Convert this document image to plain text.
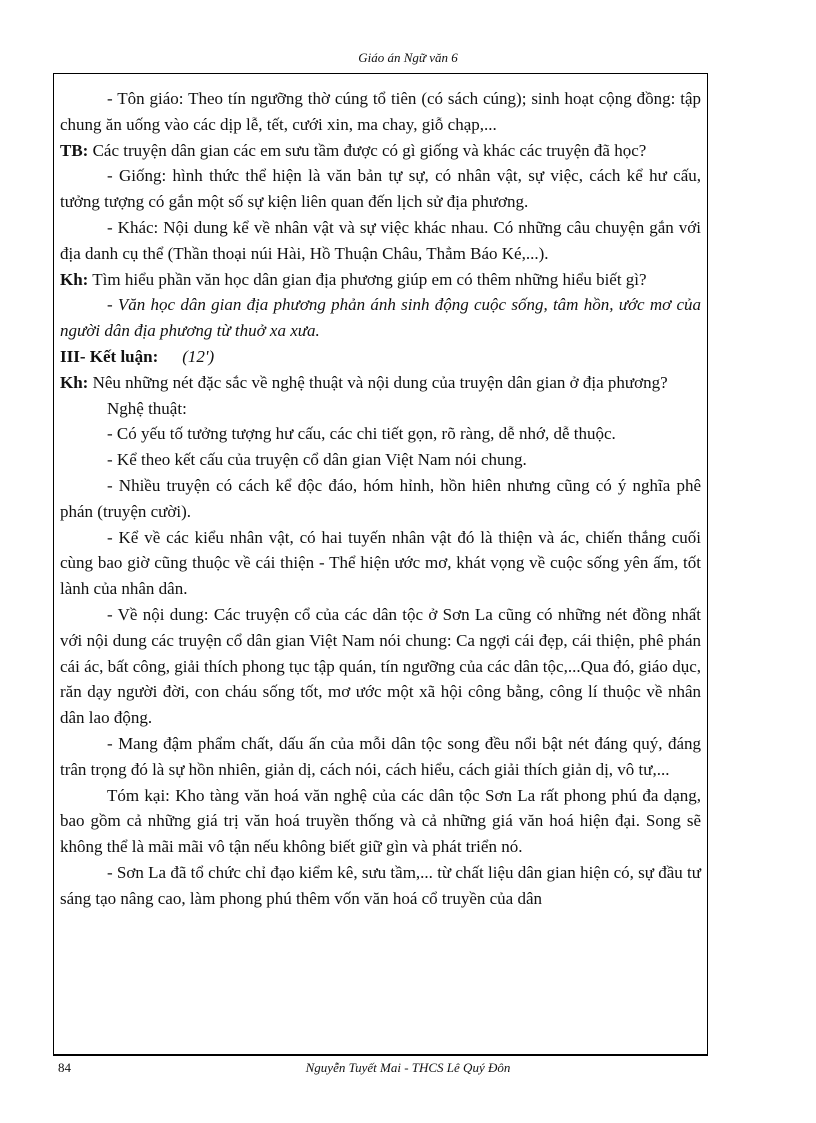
Giáo án Ngữ văn 6

- Tôn giáo: Theo tín ngưỡng thờ cúng tổ tiên (có sách cúng); sinh hoạt cộng đồng: tập chung ăn uống vào các dịp lễ, tết, cưới xin, ma chay, giỗ chạp,...

TB: Các truyện dân gian các em sưu tầm được có gì giống và khác các truyện đã học?

- Giống: hình thức thể hiện là văn bản tự sự, có nhân vật, sự việc, cách kể hư cấu, tưởng tượng có gắn một số sự kiện liên quan đến lịch sử địa phương.

- Khác: Nội dung kể về nhân vật và sự việc khác nhau. Có những câu chuyện gắn với địa danh cụ thể (Thần thoại núi Hài, Hồ Thuận Châu, Thẳm Báo Ké,...).

Kh: Tìm hiểu phần văn học dân gian địa phương giúp em có thêm những hiểu biết gì?

- Văn học dân gian địa phương phản ánh sinh động cuộc sống, tâm hồn, ước mơ của người dân địa phương từ thuở xa xưa.

III- Kết luận: (12')

Kh: Nêu những nét đặc sắc về nghệ thuật và nội dung của truyện dân gian ở địa phương?

Nghệ thuật:

- Có yếu tố tưởng tượng hư cấu, các chi tiết gọn, rõ ràng, dễ nhớ, dễ thuộc.

- Kể theo kết cấu của truyện cổ dân gian Việt Nam nói chung.

- Nhiều truyện có cách kể độc đáo, hóm hỉnh, hồn hiên nhưng cũng có ý nghĩa phê phán (truyện cười).

- Kể về các kiểu nhân vật, có hai tuyến nhân vật đó là thiện và ác, chiến thắng cuối cùng bao giờ cũng thuộc về cái thiện - Thể hiện ước mơ, khát vọng về cuộc sống yên ấm, tốt lành của nhân dân.

- Về nội dung: Các truyện cổ của các dân tộc ở Sơn La cũng có những nét đồng nhất với nội dung các truyện cổ dân gian Việt Nam nói chung: Ca ngợi cái đẹp, cái thiện, phê phán cái ác, bất công, giải thích phong tục tập quán, tín ngưỡng của các dân tộc,...Qua đó, giáo dục, răn dạy người đời, con cháu sống tốt, mơ ước một xã hội công bằng, công lí thuộc về nhân dân lao động.

- Mang đậm phẩm chất, dấu ấn của mỗi dân tộc song đều nổi bật nét đáng quý, đáng trân trọng đó là sự hồn nhiên, giản dị, cách nói, cách hiểu, cách giải thích giản dị, vô tư,...

Tóm kại: Kho tàng văn hoá văn nghệ của các dân tộc Sơn La rất phong phú đa dạng, bao gồm cả những giá trị văn hoá truyền thống và cả những giá văn hoá hiện đại. Song sẽ không thể là mãi mãi vô tận nếu không biết giữ gìn và phát triển nó.

- Sơn La đã tổ chức chỉ đạo kiểm kê, sưu tầm,... từ chất liệu dân gian hiện có, sự đầu tư sáng tạo nâng cao, làm phong phú thêm vốn văn hoá cổ truyền của dân

84	Nguyễn Tuyết Mai - THCS Lê Quý Đôn
